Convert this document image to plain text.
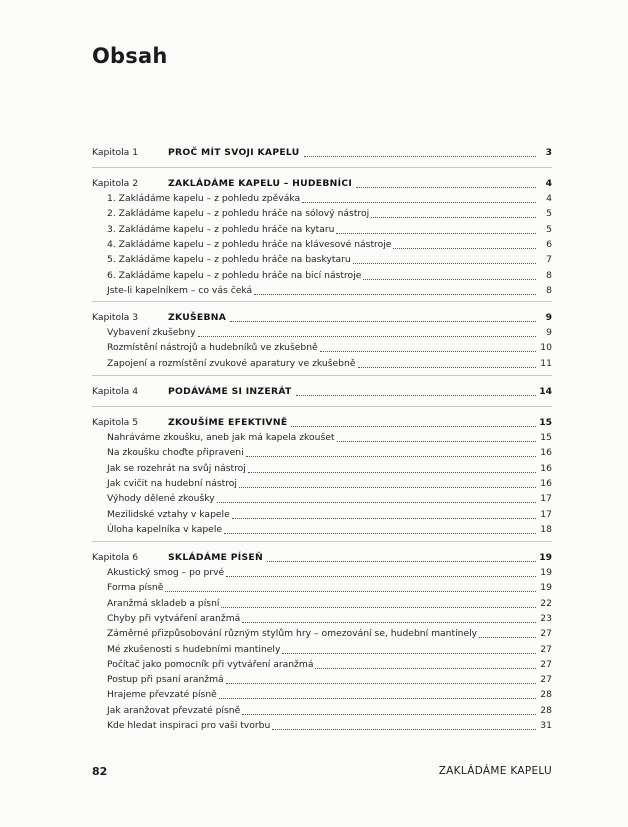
Obsah
Kapitola 1	PROČ MÍT SVOJI KAPELU	3
Kapitola 2	ZAKLÁDÁME KAPELU – HUDEBNÍCI	4
1. Zakládáme kapelu – z pohledu zpěváka	4
2. Zakládáme kapelu – z pohledu hráče na sólový nástroj	5
3. Zakládáme kapelu – z pohledu hráče na kytaru	5
4. Zakládáme kapelu – z pohledu hráče na klávesové nástroje	6
5. Zakládáme kapelu – z pohledu hráče na baskytaru	7
6. Zakládáme kapelu – z pohledu hráče na bicí nástroje	8
Jste-li kapelníkem – co vás čeká	8
Kapitola 3	ZKUŠEBNA	9
Vybavení zkušebny	9
Rozmístění nástrojů a hudebníků ve zkušebně	10
Zapojení a rozmístění zvukové aparatury ve zkušebně	11
Kapitola 4	PODÁVÁME SI INZERÁT	14
Kapitola 5	ZKOUŠÍME EFEKTIVNĚ	15
Nahráváme zkoušku, aneb jak má kapela zkoušet	15
Na zkoušku choďte připraveni	16
Jak se rozehrát na svůj nástroj	16
Jak cvičit na hudební nástroj	16
Výhody dělené zkoušky	17
Mezilidské vztahy v kapele	17
Úloha kapelníka v kapele	18
Kapitola 6	SKLÁDÁME PÍSEŇ	19
Akustický smog – po prvé	19
Forma písně	19
Aranžmá skladeb a písní	22
Chyby při vytváření aranžmá	23
Záměrné přizpůsobování různým stylům hry – omezování se, hudební mantinely	27
Mé zkušenosti s hudebními mantinely	27
Počítač jako pomocník při vytváření aranžmá	27
Postup při psaní aranžmá	27
Hrajeme převzaté písně	28
Jak aranžovat převzaté písně	28
Kde hledat inspiraci pro vaši tvorbu	31
82	ZAKLÁDÁME KAPELU
